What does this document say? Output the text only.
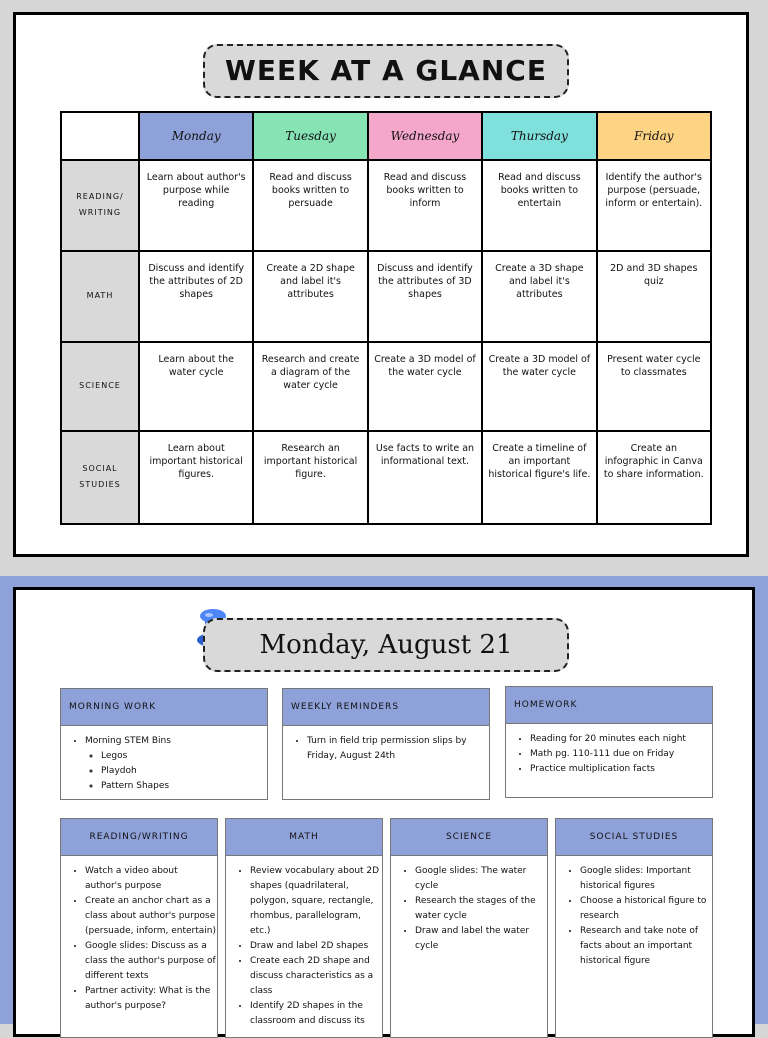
WEEK AT A GLANCE
	Monday	Tuesday	Wednesday	Thursday	Friday
READING/ WRITING	Learn about author's purpose while reading	Read and discuss books written to persuade	Read and discuss books written to inform	Read and discuss books written to entertain	Identify the author's purpose (persuade, inform or entertain).
MATH	Discuss and identify the attributes of 2D shapes	Create a 2D shape and label it's attributes	Discuss and identify the attributes of 3D shapes	Create a 3D shape and label it's attributes	2D and 3D shapes quiz
SCIENCE	Learn about the water cycle	Research and create a diagram of the water cycle	Create a 3D model of the water cycle	Create a 3D model of the water cycle	Present water cycle to classmates
SOCIAL STUDIES	Learn about important historical figures.	Research an important historical figure.	Use facts to write an informational text.	Create a timeline of an important historical figure's life.	Create an infographic in Canva to share information.
Monday, August 21
MORNING WORK
• Morning STEM Bins
◦ Legos
◦ Playdoh
◦ Pattern Shapes
WEEKLY REMINDERS
• Turn in field trip permission slips by Friday, August 24th
HOMEWORK
• Reading for 20 minutes each night
• Math pg. 110-111 due on Friday
• Practice multiplication facts
READING/WRITING
• Watch a video about author's purpose
• Create an anchor chart as a class about author's purpose (persuade, inform, entertain)
• Google slides: Discuss as a class the author's purpose of different texts
• Partner activity: What is the author's purpose?
MATH
• Review vocabulary about 2D shapes (quadrilateral, polygon, square, rectangle, rhombus, parallelogram, etc.)
• Draw and label 2D shapes
• Create each 2D shape and discuss characteristics as a class
• Identify 2D shapes in the classroom and discuss its
SCIENCE
• Google slides: The water cycle
• Research the stages of the water cycle
• Draw and label the water cycle
SOCIAL STUDIES
• Google slides: Important historical figures
• Choose a historical figure to research
• Research and take note of facts about an important historical figure
